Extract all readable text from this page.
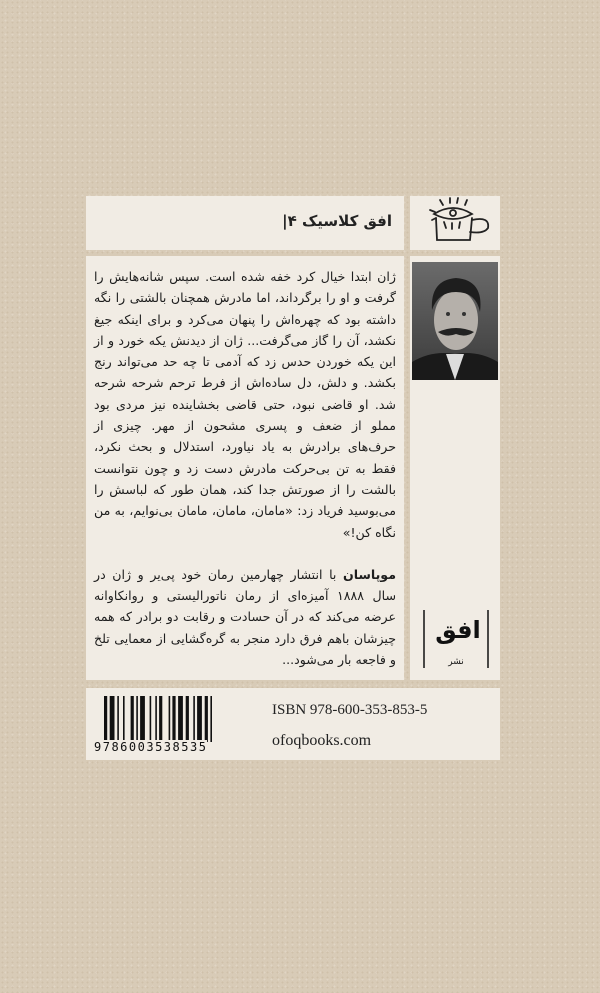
افق کلاسیک ۴|

ژان ابتدا خیال کرد خفه شده است. سپس شانه‌هایش را گرفت و او را برگرداند، اما مادرش همچنان بالشتی را نگه داشته بود که چهره‌اش را پنهان می‌کرد و برای اینکه جیغ نکشد، آن را گاز می‌گرفت... ژان از دیدنش یکه خورد و از این یکه خوردن حدس زد که آدمی تا چه حد می‌تواند رنج بکشد. و دلش، دل ساده‌اش از فرط ترحم شرحه شرحه شد. او قاضی نبود، حتی قاضی بخشاینده نیز مردی بود مملو از ضعف و پسری مشحون از مهر. چیزی از حرف‌های برادرش به یاد نیاورد، استدلال و بحث نکرد، فقط به تن بی‌حرکت مادرش دست زد و چون نتوانست بالشت را از صورتش جدا کند، همان طور که لباسش را می‌بوسید فریاد زد: «مامان، مامان، مامان بی‌نوایم، به من نگاه کن!»

موپاسان با انتشار چهارمین رمان خود پی‌یر و ژان در سال ۱۸۸۸ آمیزه‌ای از رمان ناتورالیستی و روانکاوانه عرضه می‌کند که در آن حسادت و رقابت دو برادر که همه چیزشان باهم فرق دارد منجر به گره‌گشایی از معمایی تلخ و فاجعه بار می‌شود...

افق
نشر
9786003538535
ISBN 978-600-353-853-5
ofoqbooks.com
